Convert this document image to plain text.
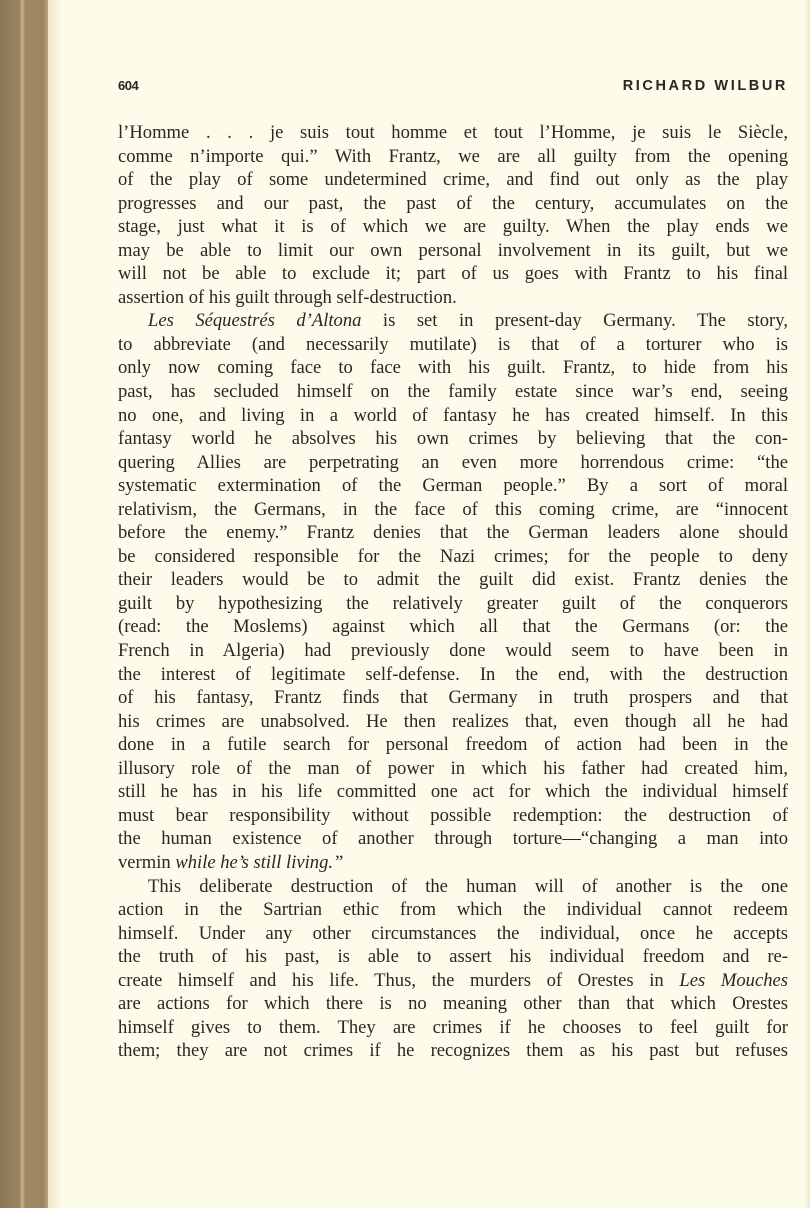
604	RICHARD WILBUR
l’Homme . . . je suis tout homme et tout l’Homme, je suis le Siècle,
comme n’importe qui.” With Frantz, we are all guilty from the opening
of the play of some undetermined crime, and find out only as the play
progresses and our past, the past of the century, accumulates on the
stage, just what it is of which we are guilty. When the play ends we
may be able to limit our own personal involvement in its guilt, but we
will not be able to exclude it; part of us goes with Frantz to his final
assertion of his guilt through self-destruction.
Les Séquestrés d’Altona is set in present-day Germany. The story,
to abbreviate (and necessarily mutilate) is that of a torturer who is
only now coming face to face with his guilt. Frantz, to hide from his
past, has secluded himself on the family estate since war’s end, seeing
no one, and living in a world of fantasy he has created himself. In this
fantasy world he absolves his own crimes by believing that the con-
quering Allies are perpetrating an even more horrendous crime: “the
systematic extermination of the German people.” By a sort of moral
relativism, the Germans, in the face of this coming crime, are “innocent
before the enemy.” Frantz denies that the German leaders alone should
be considered responsible for the Nazi crimes; for the people to deny
their leaders would be to admit the guilt did exist. Frantz denies the
guilt by hypothesizing the relatively greater guilt of the conquerors
(read: the Moslems) against which all that the Germans (or: the
French in Algeria) had previously done would seem to have been in
the interest of legitimate self-defense. In the end, with the destruction
of his fantasy, Frantz finds that Germany in truth prospers and that
his crimes are unabsolved. He then realizes that, even though all he had
done in a futile search for personal freedom of action had been in the
illusory role of the man of power in which his father had created him,
still he has in his life committed one act for which the individual himself
must bear responsibility without possible redemption: the destruction of
the human existence of another through torture—“changing a man into
vermin while he’s still living.”
This deliberate destruction of the human will of another is the one
action in the Sartrian ethic from which the individual cannot redeem
himself. Under any other circumstances the individual, once he accepts
the truth of his past, is able to assert his individual freedom and re-
create himself and his life. Thus, the murders of Orestes in Les Mouches
are actions for which there is no meaning other than that which Orestes
himself gives to them. They are crimes if he chooses to feel guilt for
them; they are not crimes if he recognizes them as his past but refuses
